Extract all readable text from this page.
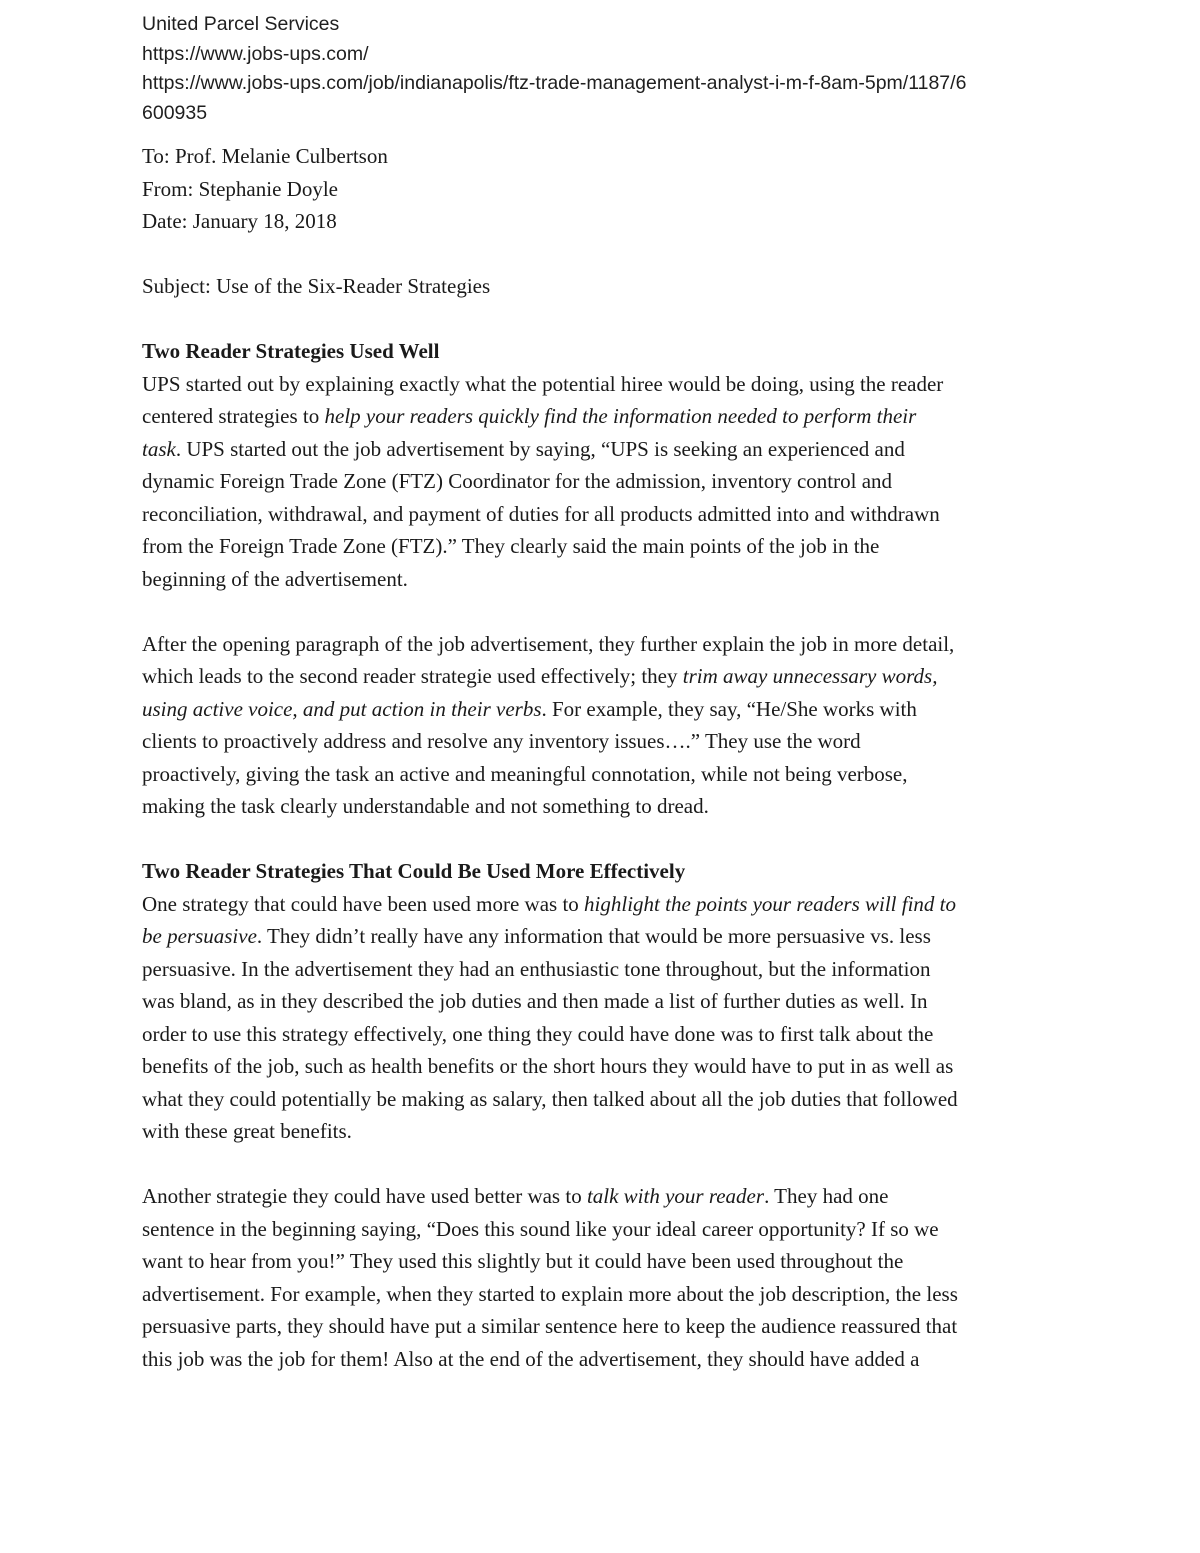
United Parcel Services
https://www.jobs-ups.com/
https://www.jobs-ups.com/job/indianapolis/ftz-trade-management-analyst-i-m-f-8am-5pm/1187/6
600935
To: Prof. Melanie Culbertson
From: Stephanie Doyle
Date: January 18, 2018
Subject: Use of the Six-Reader Strategies
Two Reader Strategies Used Well
UPS started out by explaining exactly what the potential hiree would be doing, using the reader
centered strategies to help your readers quickly find the information needed to perform their
task. UPS started out the job advertisement by saying, “UPS is seeking an experienced and
dynamic Foreign Trade Zone (FTZ) Coordinator for the admission, inventory control and
reconciliation, withdrawal, and payment of duties for all products admitted into and withdrawn
from the Foreign Trade Zone (FTZ).” They clearly said the main points of the job in the
beginning of the advertisement.
After the opening paragraph of the job advertisement, they further explain the job in more detail,
which leads to the second reader strategie used effectively; they trim away unnecessary words,
using active voice, and put action in their verbs. For example, they say, “He/She works with
clients to proactively address and resolve any inventory issues….” They use the word
proactively, giving the task an active and meaningful connotation, while not being verbose,
making the task clearly understandable and not something to dread.
Two Reader Strategies That Could Be Used More Effectively
One strategy that could have been used more was to highlight the points your readers will find to
be persuasive. They didn’t really have any information that would be more persuasive vs. less
persuasive. In the advertisement they had an enthusiastic tone throughout, but the information
was bland, as in they described the job duties and then made a list of further duties as well. In
order to use this strategy effectively, one thing they could have done was to first talk about the
benefits of the job, such as health benefits or the short hours they would have to put in as well as
what they could potentially be making as salary, then talked about all the job duties that followed
with these great benefits.
Another strategie they could have used better was to talk with your reader. They had one
sentence in the beginning saying, “Does this sound like your ideal career opportunity? If so we
want to hear from you!” They used this slightly but it could have been used throughout the
advertisement. For example, when they started to explain more about the job description, the less
persuasive parts, they should have put a similar sentence here to keep the audience reassured that
this job was the job for them! Also at the end of the advertisement, they should have added a
